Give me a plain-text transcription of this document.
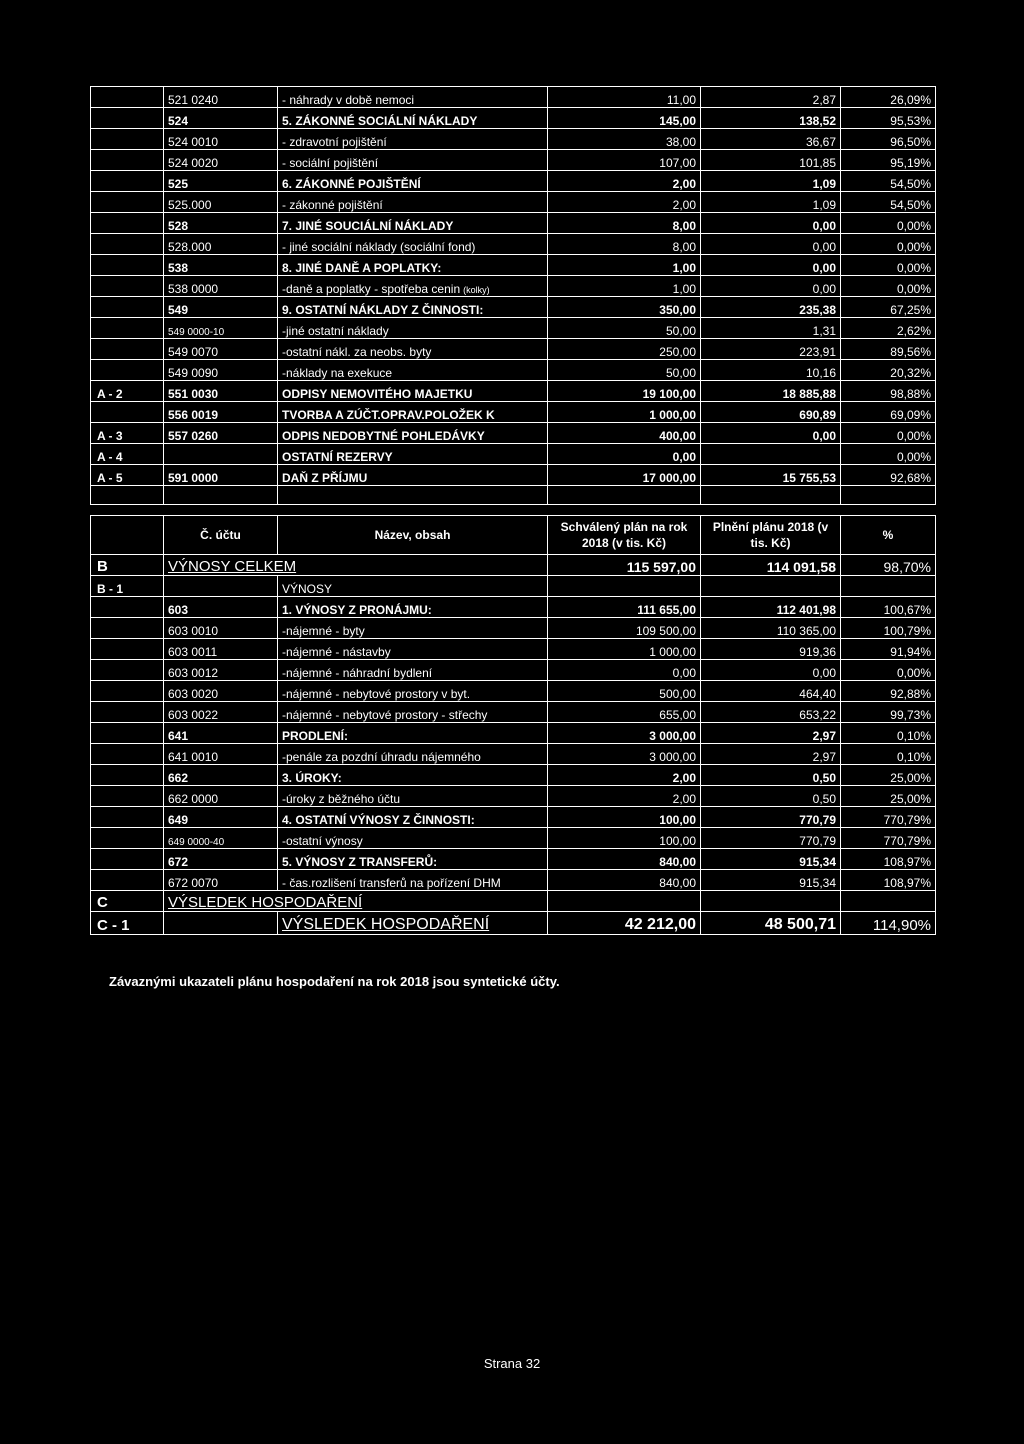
	521 0240	- náhrady v době nemoci	11,00	2,87	26,09%
	524	5. ZÁKONNÉ SOCIÁLNÍ NÁKLADY	145,00	138,52	95,53%
	524 0010	- zdravotní pojištění	38,00	36,67	96,50%
	524 0020	- sociální pojištění	107,00	101,85	95,19%
	525	6. ZÁKONNÉ POJIŠTĚNÍ	2,00	1,09	54,50%
	525.000	- zákonné pojištění	2,00	1,09	54,50%
	528	7. JINÉ SOUCIÁLNÍ NÁKLADY	8,00	0,00	0,00%
	528.000	- jiné sociální náklady (sociální fond)	8,00	0,00	0,00%
	538	8. JINÉ DANĚ A POPLATKY:	1,00	0,00	0,00%
	538 0000	-daně a poplatky - spotřeba cenin (kolky)	1,00	0,00	0,00%
	549	9. OSTATNÍ NÁKLADY Z ČINNOSTI:	350,00	235,38	67,25%
	549 0000-10	-jiné ostatní náklady	50,00	1,31	2,62%
	549 0070	-ostatní nákl. za neobs. byty	250,00	223,91	89,56%
	549 0090	-náklady na exekuce	50,00	10,16	20,32%
A - 2	551 0030	ODPISY NEMOVITÉHO MAJETKU	19 100,00	18 885,88	98,88%
	556 0019	TVORBA A ZÚČT.OPRAV.POLOŽEK K	1 000,00	690,89	69,09%
A - 3	557 0260	ODPIS NEDOBYTNÉ POHLEDÁVKY	400,00	0,00	0,00%
A - 4		OSTATNÍ REZERVY	0,00		0,00%
A - 5	591 0000	DAŇ Z PŘÍJMU	17 000,00	15 755,53	92,68%

	Č. účtu	Název, obsah	Schválený plán na rok 2018 (v tis. Kč)	Plnění plánu 2018 (v tis. Kč)	%
B	VÝNOSY CELKEM		115 597,00	114 091,58	98,70%
B - 1		VÝNOSY			
	603	1. VÝNOSY Z PRONÁJMU:	111 655,00	112 401,98	100,67%
	603 0010	-nájemné - byty	109 500,00	110 365,00	100,79%
	603 0011	-nájemné - nástavby	1 000,00	919,36	91,94%
	603 0012	-nájemné - náhradní bydlení	0,00	0,00	0,00%
	603 0020	-nájemné - nebytové prostory v byt.	500,00	464,40	92,88%
	603 0022	-nájemné - nebytové prostory - střechy	655,00	653,22	99,73%
	641	PRODLENÍ:	3 000,00	2,97	0,10%
	641 0010	-penále za pozdní úhradu nájemného	3 000,00	2,97	0,10%
	662	3. ÚROKY:	2,00	0,50	25,00%
	662 0000	-úroky z běžného účtu	2,00	0,50	25,00%
	649	4. OSTATNÍ VÝNOSY Z ČINNOSTI:	100,00	770,79	770,79%
	649 0000-40	-ostatní výnosy	100,00	770,79	770,79%
	672	5. VÝNOSY Z TRANSFERŮ:	840,00	915,34	108,97%
	672 0070	- čas.rozlišení transferů na pořízení DHM	840,00	915,34	108,97%
C	VÝSLEDEK HOSPODAŘENÍ				
C - 1		VÝSLEDEK HOSPODAŘENÍ	42 212,00	48 500,71	114,90%
Závaznými ukazateli plánu hospodaření na rok 2018 jsou syntetické účty.
Strana 32
